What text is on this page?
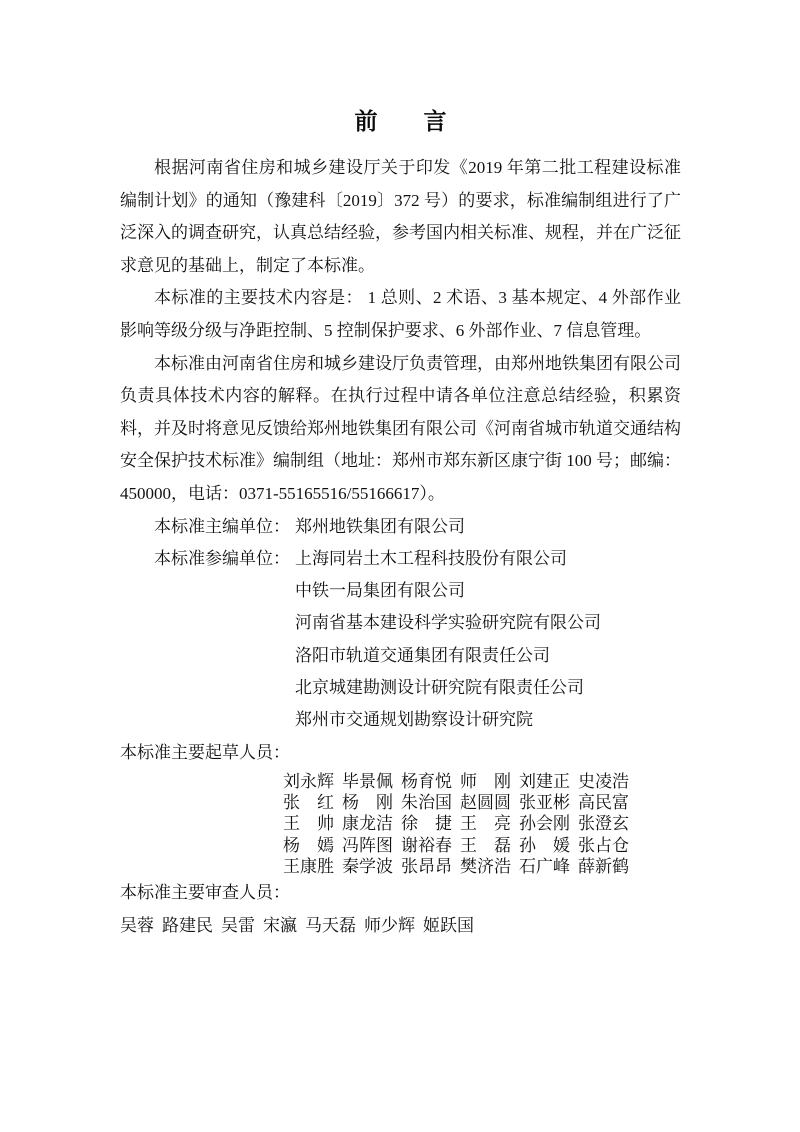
前　　言

根据河南省住房和城乡建设厅关于印发《2019 年第二批工程建设标准编制计划》的通知（豫建科〔2019〕372 号）的要求，标准编制组进行了广泛深入的调查研究，认真总结经验，参考国内相关标准、规程，并在广泛征求意见的基础上，制定了本标准。

本标准的主要技术内容是： 1 总则、2 术语、3 基本规定、4 外部作业影响等级分级与净距控制、5 控制保护要求、6 外部作业、7 信息管理。

本标准由河南省住房和城乡建设厅负责管理，由郑州地铁集团有限公司负责具体技术内容的解释。在执行过程中请各单位注意总结经验，积累资料，并及时将意见反馈给郑州地铁集团有限公司《河南省城市轨道交通结构安全保护技术标准》编制组（地址：郑州市郑东新区康宁街 100 号；邮编：450000，电话：0371-55165516/55166617）。

本标准主编单位： 郑州地铁集团有限公司
本标准参编单位： 上海同岩土木工程科技股份有限公司
中铁一局集团有限公司
河南省基本建设科学实验研究院有限公司
洛阳市轨道交通集团有限责任公司
北京城建勘测设计研究院有限责任公司
郑州市交通规划勘察设计研究院
本标准主要起草人员：
刘永辉 毕景佩 杨育悦 师　刚 刘建正 史凌浩
张　红 杨　刚 朱治国 赵圆圆 张亚彬 高民富
王　帅 康龙洁 徐　捷 王　亮 孙会刚 张澄玄
杨　嫣 冯阵图 谢裕春 王　磊 孙　媛 张占仓
王康胜 秦学波 张昂昂 樊济浩 石广峰 薛新鹤
本标准主要审查人员：
吴蓉 路建民 吴雷 宋瀛 马天磊 师少辉 姬跃国
